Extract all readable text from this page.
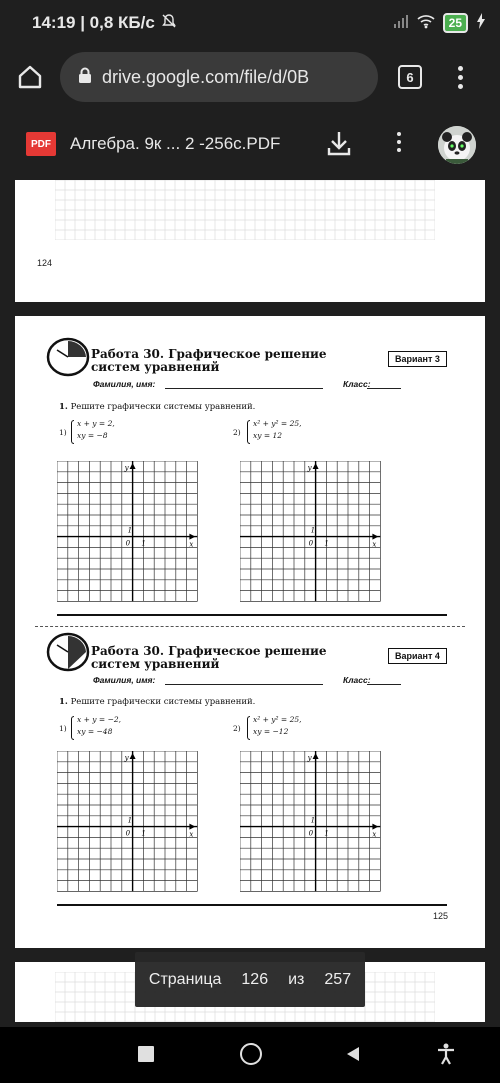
14:19 | 0,8 КБ/с	25
drive.google.com/file/d/0B	6
PDF Алгебра. 9к ... 2 -256с.PDF
124
Работа 30. Графическое решение
систем уравнений
Вариант 3
Фамилия, имя:	Класс:
1. Решите графически системы уравнений.
1)
x + y = 2,
xy = −8	2)
x² + y² = 25,
xy = 12
y
x
1
0 1
y
x
1
0 1
Работа 30. Графическое решение
систем уравнений
Вариант 4
Фамилия, имя:	Класс:
1. Решите графически системы уравнений.
1)
x + y = −2,
xy = −48	2)
x² + y² = 25,
xy = −12
y
x
1
0 1
y
x
1
0 1
125
Страница 126 из 257
